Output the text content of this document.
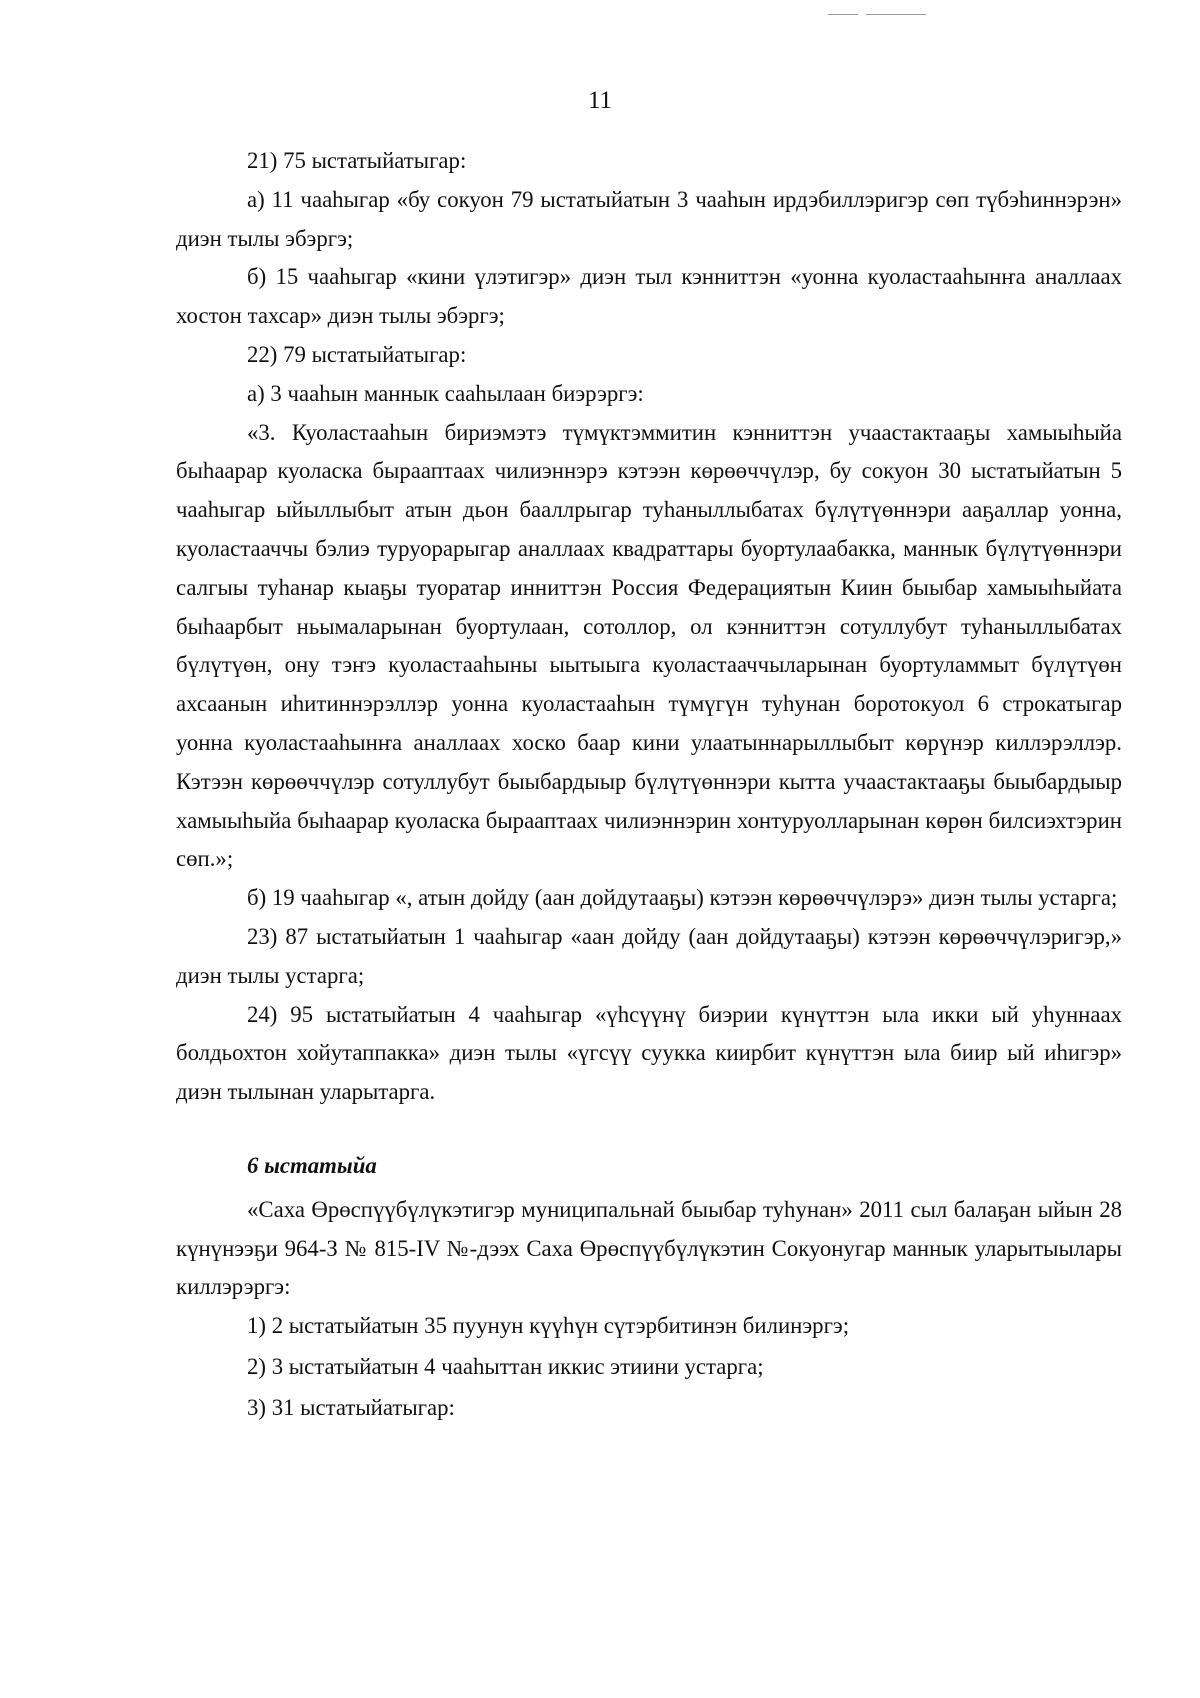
11

21) 75 ыстатыйатыгар:

а) 11 чааһыгар «бу сокуон 79 ыстатыйатын 3 чааһын ирдэбиллэригэр сөп түбэһиннэрэн» диэн тылы эбэргэ;

б) 15 чааһыгар «кини үлэтигэр» диэн тыл кэнниттэн «уонна куоластааһынҥа аналлаах хостон тахсар» диэн тылы эбэргэ;

22) 79 ыстатыйатыгар:

а) 3 чааһын маннык сааһылаан биэрэргэ:

«3. Куоластааһын бириэмэтэ түмүктэммитин кэнниттэн учаастактааҕы хамыыһыйа быһаарар куоласка бырааптаах чилиэннэрэ кэтээн көрөөччүлэр, бу сокуон 30 ыстатыйатын 5 чааһыгар ыйыллыбыт атын дьон бааллрыгар туһаныллыбатах бүлүтүөннэри ааҕаллар уонна, куоластааччы бэлиэ туруорарыгар аналлаах квадраттары буортулаабакка, маннык бүлүтүөннэри салгыы туһанар кыаҕы туоратар инниттэн Россия Федерациятын Киин быыбар хамыыһыйата быһаарбыт ньымаларынан буортулаан, сотоллор, ол кэнниттэн сотуллубут туһаныллыбатах бүлүтүөн, ону тэҥэ куоластааһыны ыытыыга куоластааччыларынан буортуламмыт бүлүтүөн ахсаанын иһитиннэрэллэр уонна куоластааһын түмүгүн туһунан боротокуол 6 строкатыгар уонна куоластааһынҥа аналлаах хоско баар кини улаатыннарыллыбыт көрүнэр киллэрэллэр. Кэтээн көрөөччүлэр сотуллубут быыбардыыр бүлүтүөннэри кытта учаастактааҕы быыбардыыр хамыыһыйа быһаарар куоласка бырааптаах чилиэннэрин хонтуруолларынан көрөн билсиэхтэрин сөп.»;

б) 19 чааһыгар «, атын дойду (аан дойдутааҕы) кэтээн көрөөччүлэрэ» диэн тылы устарга;

23) 87 ыстатыйатын 1 чааһыгар «аан дойду (аан дойдутааҕы) кэтээн көрөөччүлэригэр,» диэн тылы устарга;

24) 95 ыстатыйатын 4 чааһыгар «үһсүүнү биэрии күнүттэн ыла икки ый уһуннаах болдьохтон хойутаппакка» диэн тылы «үгсүү суукка киирбит күнүттэн ыла биир ый иһигэр» диэн тылынан уларытарга.

6 ыстатыйа

«Саха Өрөспүүбүлүкэтигэр муниципальнай быыбар туһунан» 2011 сыл балаҕан ыйын 28 күнүнээҕи 964-З № 815-IV №-дээх Саха Өрөспүүбүлүкэтин Сокуонугар маннык уларытыылары киллэрэргэ:

1) 2 ыстатыйатын 35 пуунун күүһүн сүтэрбитинэн билинэргэ;

2) 3 ыстатыйатын 4 чааһыттан иккис этиини устарга;

3) 31 ыстатыйатыгар:
